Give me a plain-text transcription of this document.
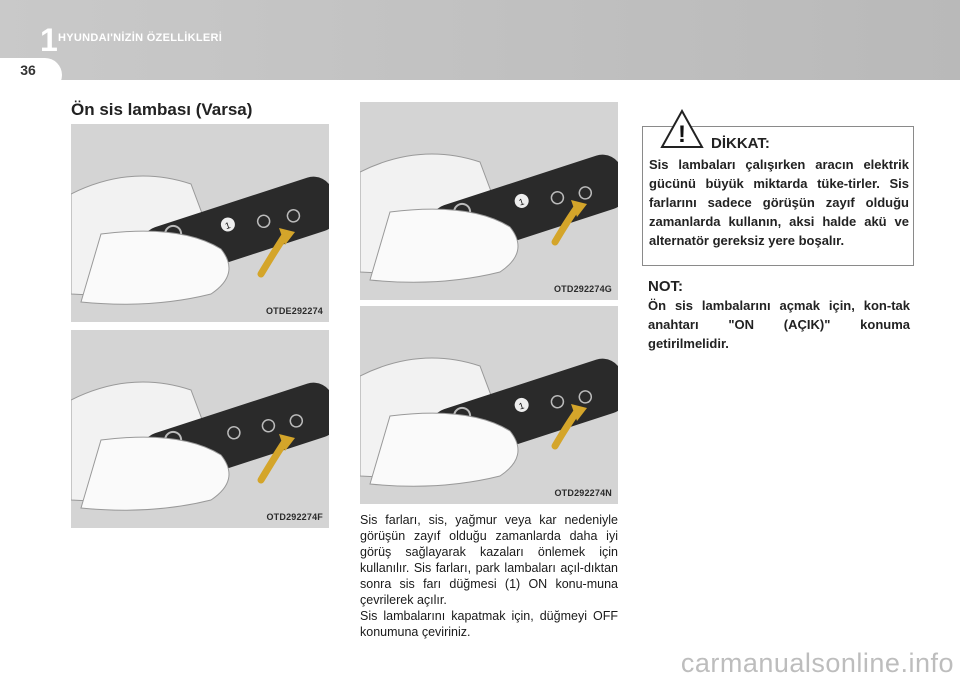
1 HYUNDAI'NİZİN ÖZELLİKLERİ
36
Ön sis lambası (Varsa)
1
OTDE292274
OTD292274F
1
OTD292274G
1
OTD292274N

Sis farları, sis, yağmur veya kar nedeniyle görüşün zayıf olduğu zamanlarda daha iyi görüş sağlayarak kazaları önlemek için kullanılır. Sis farları, park lambaları açıl-dıktan sonra sis farı düğmesi (1) ON konu-muna çevrilerek açılır.

Sis lambalarını kapatmak için, düğmeyi OFF konumuna çeviriniz.

! DİKKAT:
Sis lambaları çalışırken aracın elektrik gücünü büyük miktarda tüke-tirler. Sis farlarını sadece görüşün zayıf olduğu zamanlarda kullanın, aksi halde akü ve alternatör gereksiz yere boşalır.
NOT:
Ön sis lambalarını açmak için, kon-tak anahtarı "ON (AÇIK)" konuma getirilmelidir.
carmanualsonline.info
